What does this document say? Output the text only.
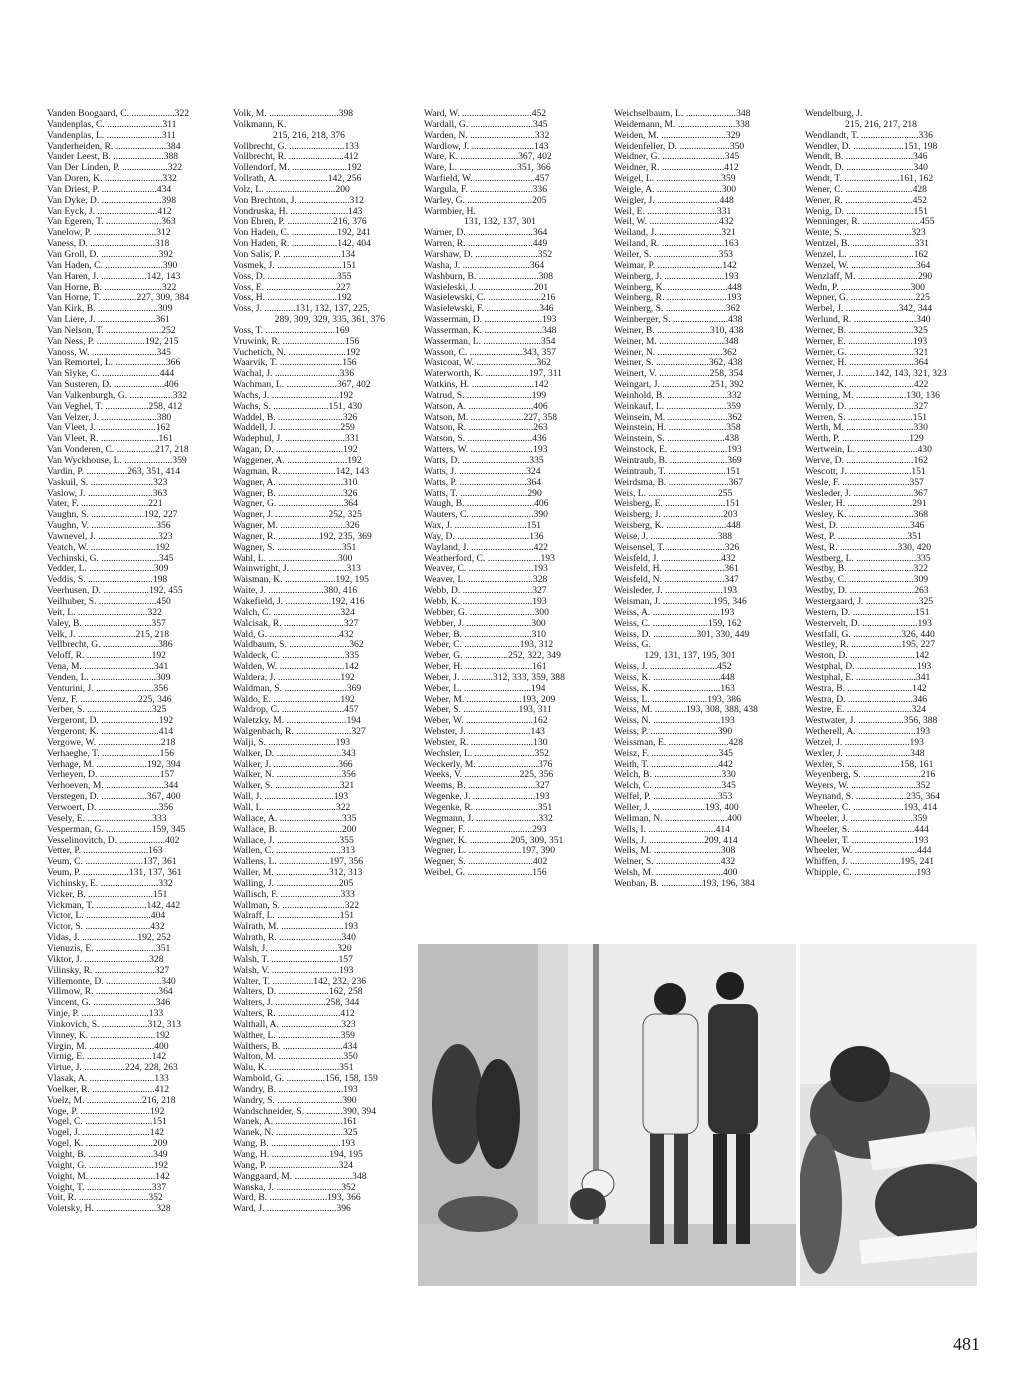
Vanden Boogaard, C. ..................322
Vandenplas, C. .......................311
Vandenplas, L. .......................311
Vanderheiden, R. .....................384
Vander Leest, B. .....................388
Van Der Linden, P. ...................322
Van Doren, K. ........................332
Van Driest, P. .......................434
Van Dyke, D. .........................398
Van Eyck, J. .........................412
Van Egeren, T. .......................363
Vanelow, P. ..........................312
Vaness, D. ...........................318
Van Groll, D. ........................392
Van Haden, C. ........................390
Van Haren, J. ...................142, 143
Van Horne, B. ........................322
Van Horne, T. ..............227, 309, 384
Van Kirk, B. .........................309
Van Liere, J. ........................361
Van Nelson, T. .......................252
Van Ness, P. ....................192, 215
Vanoss, W. ...........................345
Van Remortel, L. .....................366
Van Slyke, C. ........................444
Van Susteren, D. .....................406
Van Valkenburgh, G. ..................332
Van Veghel, T. ..................258, 412
Van Velzer, J. .......................380
Van Vleet, J. ........................162
Van Vleet, R. ........................161
Van Vonderen, C. ................217, 218
Van Wyckhouse, L. ....................359
Vardin, P. .................263, 351, 414
Vaskuil, S. ..........................323
Vaslow, J. ...........................363
Vater, F. ............................221
Vaughn, S. ......................192, 227
Vaughn, V. ...........................356
Vawnevel, J. .........................323
Veatch, W. ...........................192
Vechinski, G. ........................345
Vedder, L. ...........................309
Veddis, S. ...........................198
Veerhusen, D. ...................192, 455
Veilhuber, S. ........................450
Veit, L. .............................322
Valey, B. ............................357
Velk, J. ........................215, 218
Vellbrecht, G. .......................386
Veloff, R. ...........................192
Vena, M. .............................341
Venden, L. ...........................309
Venturini, J. ........................356
Venz, F. ........................225, 346
Verber, S. ...........................325
Vergeront, D. ........................192
Vergeront, K. ........................414
Vergowe, W. ..........................218
Verhaeghe, T. ........................156
Verhage, M. .....................192, 394
Verheyen, D. .........................157
Verhoeven, M. ........................344
Verstegen, D. ...................367, 400
Verwoert, D. .........................356
Vesely, E. ...........................333
Vesperman, G. ...................159, 345
Vesselinovitch, D. ...................402
Vetter, P. ...........................163
Veum, C. ........................137, 361
Veum, P. ...................131, 137, 361
Vichinsky, E. ........................332
Vicker, B. ...........................151
Vickman, T. .....................142, 442
Victor, L. ...........................404
Victor, S. ...........................432
Vidas, J. .......................192, 252
Vienuzis, E. .........................351
Viktor, J. ...........................328
Vilinsky, R. .........................327
Villemonte, D. .......................340
Villmow, R. ..........................364
Vincent, G. ..........................346
Vinje, P. ............................133
Vinkovich, S. ...................312, 313
Vinney, K. ...........................192
Virgin, M. ...........................400
Virnig, E. ...........................142
Virtue, J. .................224, 228, 263
Vlasak, A. ...........................133
Voelker, R. ..........................412
Voelz, M. .......................216, 218
Voge, P. .............................192
Vogel, C. ............................151
Vogel, J. ............................142
Vogel, K. ............................209
Voight, B. ...........................349
Voight, G. ...........................192
Voight, M. ...........................142
Voight, T. ...........................337
Voit, R. .............................352
Voletsky, H. .........................328
Volk, M. .............................398
Volkmann, K.
215, 216, 218, 376
Vollbrecht, G. .......................133
Vollbrecht, R. .......................412
Vollendorf, M. .......................192
Vollrath, A. ....................142, 256
Volz, L. .............................200
Von Brechton, J. .....................312
Vondruska, H. ........................143
Von Ehren, P. ...................216, 376
Von Haden, C. ...................192, 241
Von Haden, R. ...................142, 404
Von Salis, P. ........................134
Vosmek, J. ...........................151
Voss, D. .............................355
Voss, E. .............................227
Voss, H. .............................192
Voss, J. .............131, 132, 137, 225,
289, 309, 329, 335, 361, 376
Voss, T. .............................169
Vruwink, R. ..........................156
Vuchetich, N. ........................192
Waarvik, T. ..........................156
Wachal, J. ...........................336
Wachman, L. .....................367, 402
Wachs, J. ............................192
Wachs, S. .......................151, 430
Waddel, B. ...........................326
Waddell, J. ..........................259
Wadephul, J. .........................331
Wagan, D. ............................192
Waggener, A. .........................192
Wagman, R. ......................142, 143
Wagner, A. ...........................310
Wagner, B. ...........................326
Wagner, G. ...........................364
Wagner, J. ......................252, 325
Wagner, M. ...........................326
Wagner, R. .................192, 235, 369
Wagner, S. ...........................351
Wahl, L. .............................300
Wainwright, J. .......................313
Waisman, K. .....................192, 195
Waite, J. .......................380, 416
Wakefield, J. ...................192, 416
Walch, C. ............................324
Walcisak, R. .........................327
Wald, G. .............................432
Waldbaum, S. .........................362
Waldeck, C. ..........................335
Walden, W. ...........................142
Waldera, J. ..........................192
Waldman, S. ..........................369
Waldo, E. ............................192
Waldrop, C. ..........................457
Waletzky, M. .........................194
Walgenbach, R. .......................327
Walji, S. ............................193
Walker, D. ...........................343
Walker, J. ...........................366
Walker, N. ...........................356
Walker, S. ...........................321
Wall, J. .............................193
Wall, L. .............................322
Wallace, A. ..........................335
Wallace, B. ..........................200
Wallace, J. ..........................355
Wallen, C. ...........................313
Wallens, L. .....................197, 356
Waller, M. ......................312, 313
Walling, J. ..........................205
Wallisch, F. .........................333
Wallman, S. ..........................322
Walraff, L. ..........................151
Walrath, M. ..........................193
Walrath, R. ..........................340
Walsh, J. ............................320
Walsh, T. ............................157
Walsh, V. ............................193
Walter, T. .................142, 232, 236
Walters, D. .....................162, 258
Walters, J. .....................258, 344
Walters, R. ..........................412
Walthall, A. .........................323
Walther, L. ..........................359
Walthers, B. .........................434
Walton, M. ...........................350
Walu, K. .............................351
Wambold, G. ................156, 158, 159
Wandry, B. ...........................193
Wandry, S. ...........................390
Wandschneider, S. ...............390, 394
Wanek, A. ............................161
Wanek, N. ............................325
Wang, B. .............................193
Wang, H. ........................194, 195
Wang, P. .............................324
Wanggaard, M. ........................348
Wanska, J. ...........................352
Ward, B. ........................193, 366
Ward, J. .............................396
Ward, W. .............................452
Wardall, G. ..........................345
Warden, N. ...........................332
Wardlow, J. ..........................143
Ware, K. ........................367, 402
Ware, L. ........................351, 366
Warfield, W. .........................457
Wargula, F. ..........................336
Warley, G. ...........................205
Warmbier, H.
131, 132, 137, 301
Warner, D. ...........................364
Warren, R. ...........................449
Warshaw, D. ..........................352
Washa, J. ............................364
Washburn, B. .........................308
Wasieleski, J. .......................201
Wasielewski, C. ......................216
Wasielewski, F. ......................346
Wasserman, D. ........................193
Wasserman, K. ........................348
Wasserman, L. ........................354
Wasson, C. ......................343, 357
Wastcoat, W. .........................362
Waterworth, K. ..................197, 311
Watkins, H. ..........................142
Watrud, S. ...........................199
Watson, A. ...........................406
Watson, M. ......................227, 358
Watson, R. ...........................263
Watson, S. ...........................436
Watters, W. ..........................193
Watts, D. ............................335
Watts, J. ............................324
Watts, P. ............................364
Watts, T. ............................290
Waugh, B. ............................406
Wauters, C. ..........................390
Wax, J. ..............................151
Way, D. ..............................136
Wayland, J. ..........................422
Weatherford, C. ......................193
Weaver, C. ...........................193
Weaver, L. ...........................328
Webb, D. .............................327
Webb, K. .............................193
Webber, G. ...........................300
Webber, J. ...........................300
Weber, B. ............................310
Weber, C. .......................193, 312
Weber, G. ..................252, 322, 349
Weber, H. ............................161
Weber, J. .............312, 333, 359, 388
Weber, L. ............................194
Weber, M. .......................193, 209
Weber, S. .......................193, 311
Weber, W. ............................162
Webster, J. ..........................143
Webster, R. ..........................130
Wechsler, L. .........................352
Weckerly, M. .........................376
Weeks, V. .......................225, 356
Weems, B. ............................327
Wegenke, J. ..........................193
Wegenke, R. ..........................351
Wegmann, J. ..........................332
Wegner, F. ...........................293
Wegner, K. .................205, 309, 351
Wegner, L. ......................197, 390
Wegner, S. ...........................402
Weibel, G. ...........................156
Weichselbaum, L. .....................348
Weidemann, M. ........................338
Weiden, M. ...........................329
Weidenfeller, D. .....................350
Weidner, G. ..........................345
Weidner, R. ..........................412
Weigel, L. ...........................359
Weigle, A. ...........................300
Weigler, J. ..........................448
Weil, E. .............................331
Weil, W. .............................432
Weiland, J. ..........................321
Weiland, R. ..........................163
Weiler, S. ...........................353
Weimar, P. ...........................142
Weinberg, J. .........................193
Weinberg, K. .........................448
Weinberg, R. .........................193
Weinberg, S. .........................362
Weinberger, S. .......................438
Weiner, B. ......................310, 438
Weiner, M. ...........................348
Weiner, N. ...........................362
Weiner, S. ......................362, 438
Weinert, V. .....................258, 354
Weingart, J. ....................251, 392
Weinhold, B. .........................332
Weinkauf, L. .........................359
Weinsein, M. .........................362
Weinstein, H. ........................358
Weinstein, S. ........................438
Weinstock, E. ........................193
Weintraub, B. ........................369
Weintraub, T. ........................151
Weirdsma, B. .........................367
Weis, L. .............................255
Weisberg, E. .........................151
Weisberg, J. .........................203
Weisberg, K. .........................448
Weise, J. ............................388
Weisensel, T. ........................326
Weisfeld, J. .........................432
Weisfeld, H. .........................361
Weisfeld, N. .........................347
Weisleder, J. ........................193
Weisman, J. .....................195, 346
Weiss, A. ............................193
Weiss, C. .......................159, 162
Weiss, D. ..................301, 330, 449
Weiss, G.
129, 131, 137, 195, 301
Weiss, J. ............................452
Weiss, K. ............................448
Weiss, K. ............................163
Weiss, L. .......................193, 386
Weiss, M. .............193, 308, 388, 438
Weiss, N. ............................193
Weiss, P. ............................390
Weissman, E. .........................428
Weisz, F. ............................345
Weith, T. ............................442
Welch, B. ............................330
Welch, C. ............................345
Welfel, P. ...........................353
Weller, J. ......................193, 400
Wellman, N. ..........................400
Wells, I. ............................414
Wells, J. .......................209, 414
Wells, M. ............................308
Welner, S. ...........................432
Welsh, M. ............................400
Wenban, B. .................193, 196, 384
Wendelburg, J.
215, 216, 217, 218
Wendlandt, T. ........................336
Wendler, D. .....................151, 198
Wendt, B. ............................346
Wendt, D. ............................340
Wendt, T. .......................161, 162
Wener, C. ............................428
Wener, R. ............................452
Wenig, D. ............................151
Wenninger, R. ........................455
Wente, S. ............................323
Wentzel, B. ..........................331
Wenzel, L. ...........................162
Wenzel, W. ...........................364
Wenzlaff, M. .........................290
Wedn, P. .............................300
Wepner, G. ...........................225
Werbel, J. ......................342, 344
Werlund, R. ..........................340
Werner, B. ...........................325
Werner, E. ...........................193
Werner, G. ...........................321
Werner, H. ...........................364
Werner, J. ............142, 143, 321, 323
Werner, K. ...........................422
Werning, M. .....................130, 136
Wernly, D. ...........................327
Werren, S. ...........................151
Werth, M. ............................330
Werth, P. ............................129
Wertwein, L. .........................430
Werve, D. ............................162
Wescott, J. ..........................151
Wesle, F. ............................357
Wesleder, J. .........................367
Wesler, H. ...........................291
Wesley, K. ...........................368
West, D. .............................346
West, P. .............................351
West, R. ........................330, 420
Westberg, L. .........................335
Westby, B. ...........................322
Westby, C. ...........................309
Westby, D. ...........................263
Westergaard, J. ......................325
Western, D. ..........................151
Westervelt, D. .......................193
Westfall, G. ....................326, 440
Westley, R. .....................195, 227
Weston, D. ...........................142
Westphal, D. .........................193
Westphal, E. .........................341
Westra, B. ...........................142
Westra, D. ...........................346
Westre, E. ...........................324
Westwater, J. ...................356, 388
Wetherell, A. ........................193
Wetzel, J. ...........................193
Wexler, J. ...........................348
Wexler, S. ......................158, 161
Weyenberg, S. ........................216
Weyers, W. ...........................352
Weynand, S. .....................235, 364
Wheeler, C. .....................193, 414
Wheeler, J. ..........................359
Wheeler, S. ..........................444
Wheeler, T. ..........................193
Wheeler, W. ..........................444
Whiffen, J. .....................195, 241
Whipple, C. ..........................193
481
